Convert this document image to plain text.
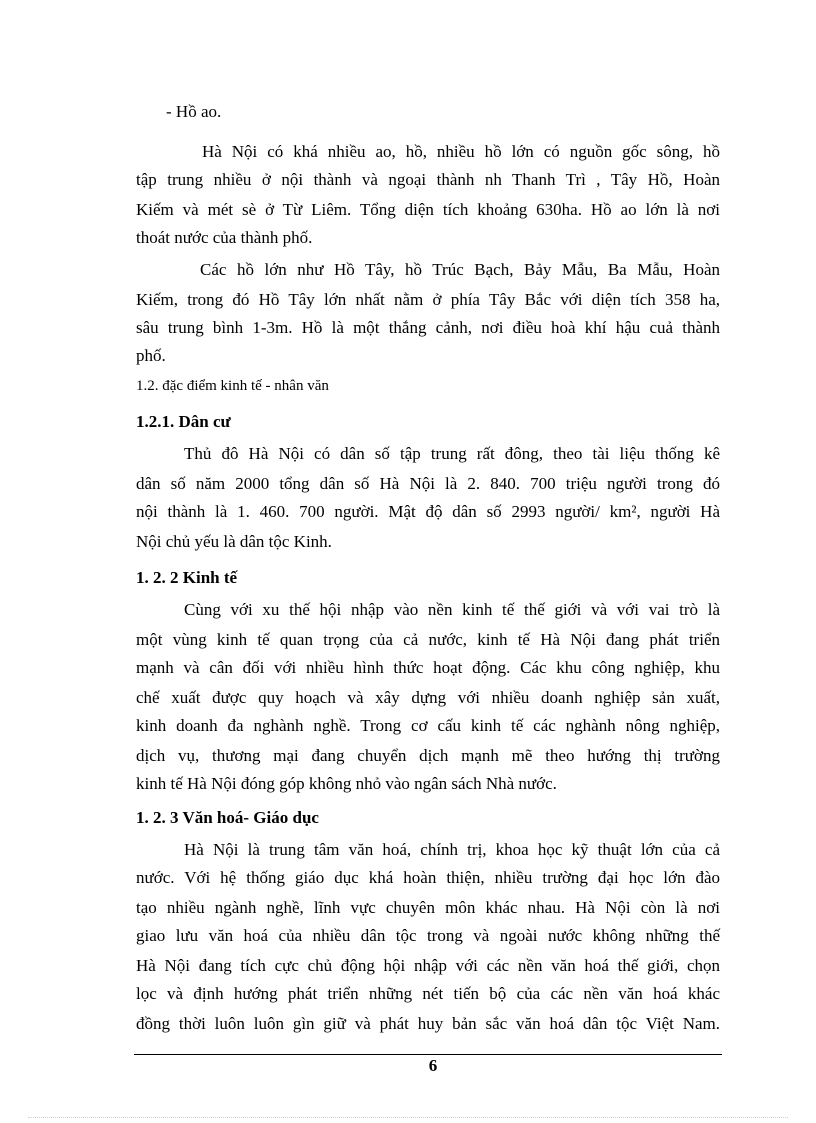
- Hồ ao.
Hà Nội có khá nhiều ao, hồ, nhiều hồ lớn có nguồn gốc sông, hồ
tập trung nhiều ở nội thành và ngoại thành nh Thanh Trì , Tây Hồ, Hoàn
Kiếm và mét sè ở Từ Liêm. Tổng diện tích khoảng 630ha. Hồ ao lớn là nơi
thoát nước của thành phố.
Các hồ lớn như Hồ Tây, hồ Trúc Bạch, Bảy Mẫu, Ba Mẫu, Hoàn
Kiếm, trong đó Hồ Tây lớn nhất nằm ở phía Tây Bắc với diện tích 358 ha,
sâu trung bình 1-3m. Hồ là một thắng cảnh, nơi điều hoà khí hậu cuả thành
phố.
1.2. đặc điểm kinh tế - nhân văn
1.2.1. Dân cư
Thủ đô Hà Nội có dân số tập trung rất đông, theo tài liệu thống kê
dân số năm 2000 tổng dân số Hà Nội là 2. 840. 700 triệu người trong đó
nội thành là 1. 460. 700 người. Mật độ dân số 2993 người/ km², người Hà
Nội chủ yếu là dân tộc Kinh.
1. 2. 2 Kinh tế
Cùng với xu thế hội nhập vào nền kinh tế thế giới và với vai trò là
một vùng kinh tế quan trọng của cả nước, kinh tế Hà Nội đang phát triển
mạnh và cân đối với nhiều hình thức hoạt động. Các khu công nghiệp, khu
chế xuất được quy hoạch và xây dựng với nhiều doanh nghiệp sản xuất,
kinh doanh đa nghành nghề. Trong cơ cấu kinh tế các nghành nông nghiệp,
dịch vụ, thương mại đang chuyển dịch mạnh mẽ theo hướng thị trường
kinh tế Hà Nội đóng góp không nhỏ vào ngân sách Nhà nước.
1. 2. 3 Văn hoá- Giáo dục
Hà Nội là trung tâm văn hoá, chính trị, khoa học kỹ thuật lớn của cả
nước. Với hệ thống giáo dục khá hoàn thiện, nhiều trường đại học lớn đào
tạo nhiều ngành nghề, lĩnh vực chuyên môn khác nhau. Hà Nội còn là nơi
giao lưu văn hoá của nhiều dân tộc trong và ngoài nước không những thế
Hà Nội đang tích cực chủ động hội nhập với các nền văn hoá thế giới, chọn
lọc và định hướng phát triển những nét tiến bộ của các nền văn hoá khác
đồng thời luôn luôn gìn giữ và phát huy bản sắc văn hoá dân tộc Việt Nam.
6
